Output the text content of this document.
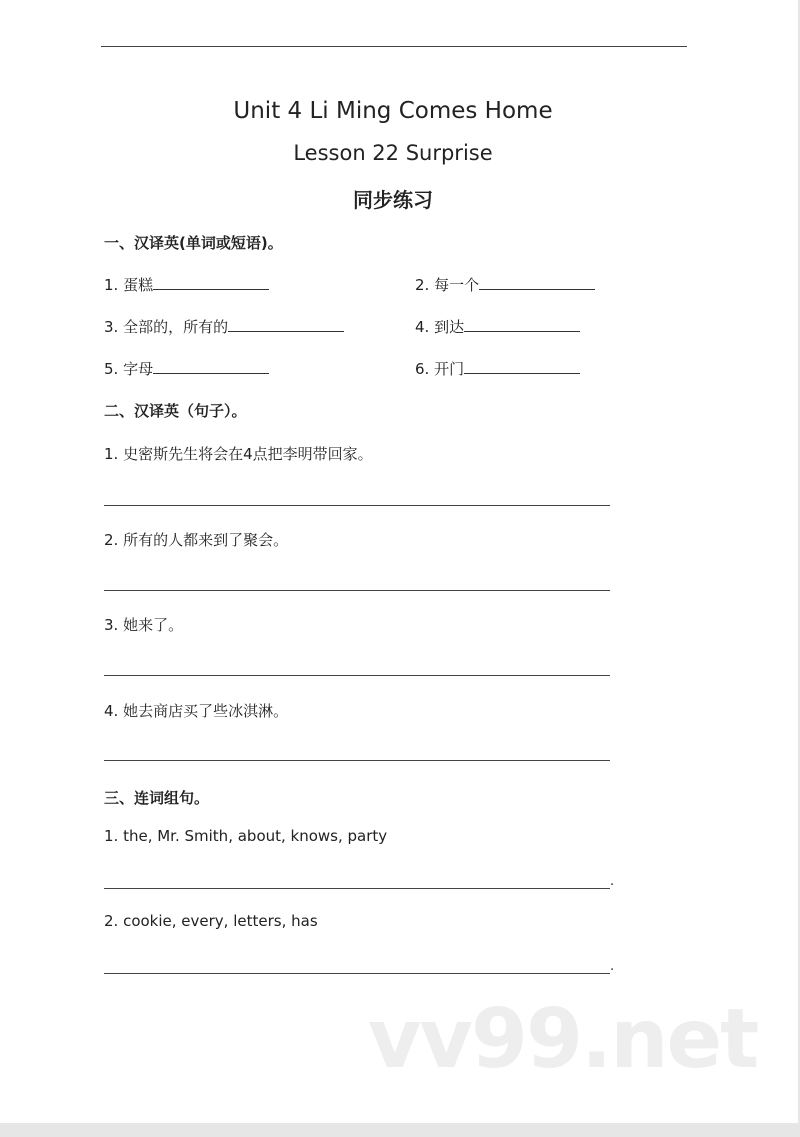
Unit 4 Li Ming Comes Home
Lesson 22 Surprise
同步练习
一、汉译英(单词或短语)。
1. 蛋糕	2. 每一个
3. 全部的，所有的	4. 到达
5. 字母	6. 开门
二、汉译英（句子）。
1. 史密斯先生将会在4点把李明带回家。
2. 所有的人都来到了聚会。
3. 她来了。
4. 她去商店买了些冰淇淋。
三、连词组句。
1. the, Mr. Smith, about, knows, party
.
2. cookie, every, letters, has
.
vv99.net
